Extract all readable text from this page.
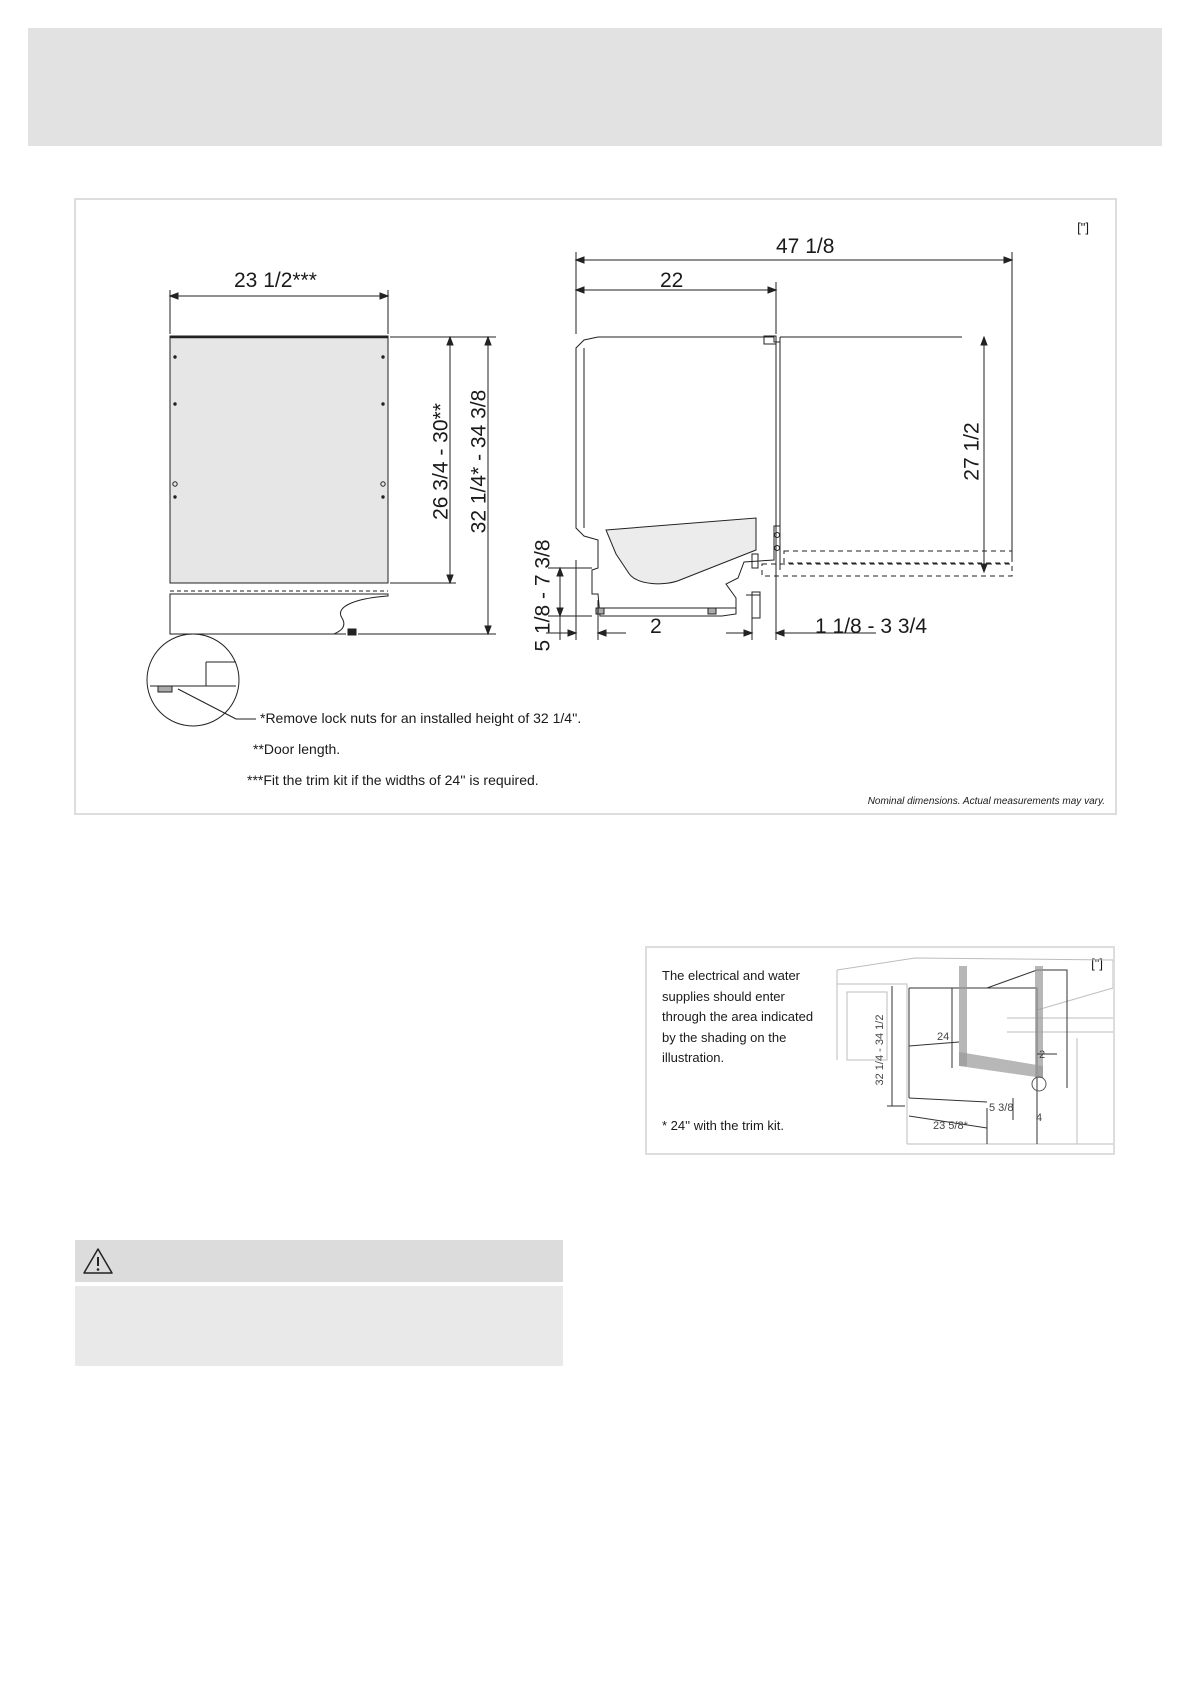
["]
23 1/2***
26 3/4 - 30** 32 1/4* - 34 3/8
47 1/8
22
27 1/2
5 1/8 - 7 3/8	2	1 1/8 - 3 3/4
*Remove lock nuts for an installed height of 32 1/4''.
**Door length.
***Fit the trim kit if the widths of 24'' is required.
Nominal dimensions. Actual measurements may vary.
The electrical and water supplies should enter through the area indicated by the shading on the illustration.
* 24'' with the trim kit.
["]
32 1/4 - 34 1/2	24
23 5/8*
2
5 3/8
4
